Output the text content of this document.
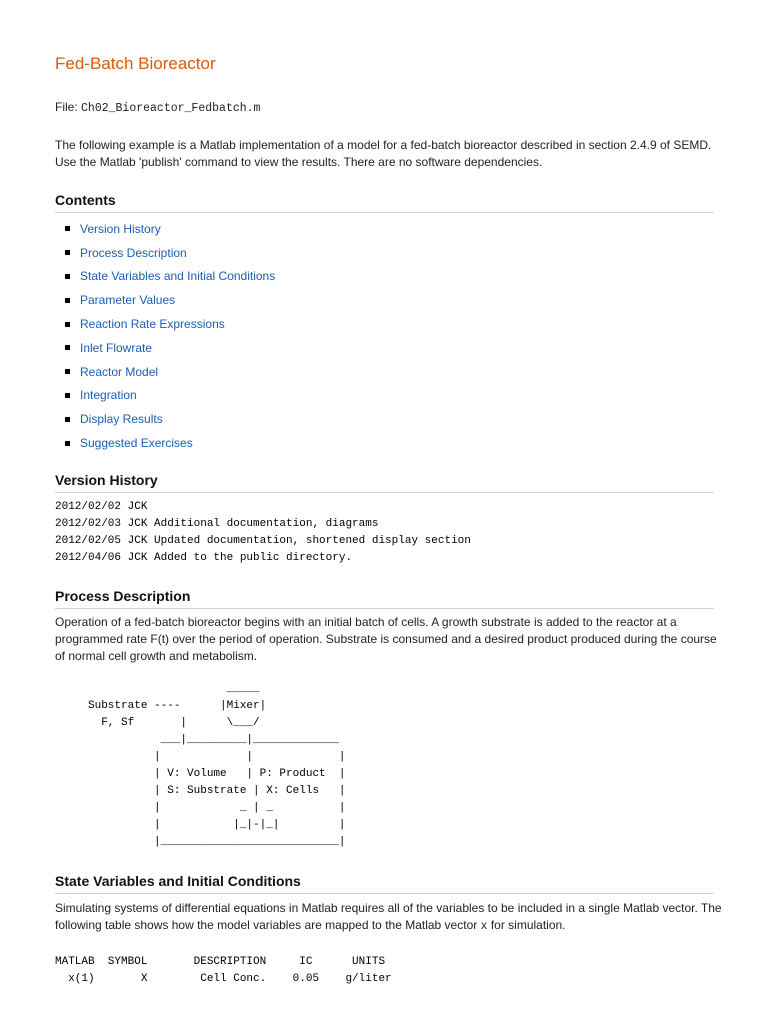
Fed-Batch Bioreactor
File: Ch02_Bioreactor_Fedbatch.m

The following example is a Matlab implementation of a model for a fed-batch bioreactor described in section 2.4.9 of SEMD. Use the Matlab 'publish' command to view the results. There are no software dependencies.

Contents
Version History
Process Description
State Variables and Initial Conditions
Parameter Values
Reaction Rate Expressions
Inlet Flowrate
Reactor Model
Integration
Display Results
Suggested Exercises
Version History
2012/02/02 JCK
2012/02/03 JCK Additional documentation, diagrams
2012/02/05 JCK Updated documentation, shortened display section
2012/04/06 JCK Added to the public directory.
Process Description

Operation of a fed-batch bioreactor begins with an initial batch of cells. A growth substrate is added to the reactor at a programmed rate F(t) over the period of operation. Substrate is consumed and a desired product produced during the course of normal cell growth and metabolism.

_____
Substrate ----      |Mixer|
F, Sf       |      \___/
___|_________|_____________
|             |             |
| V: Volume   | P: Product  |
| S: Substrate | X: Cells   |
|            _ | _          |
|           |_|-|_|         |
|___________________________|
State Variables and Initial Conditions

Simulating systems of differential equations in Matlab requires all of the variables to be included in a single Matlab vector. The following table shows how the model variables are mapped to the Matlab vector x for simulation.

MATLAB  SYMBOL       DESCRIPTION     IC      UNITS
x(1)       X        Cell Conc.    0.05    g/liter
